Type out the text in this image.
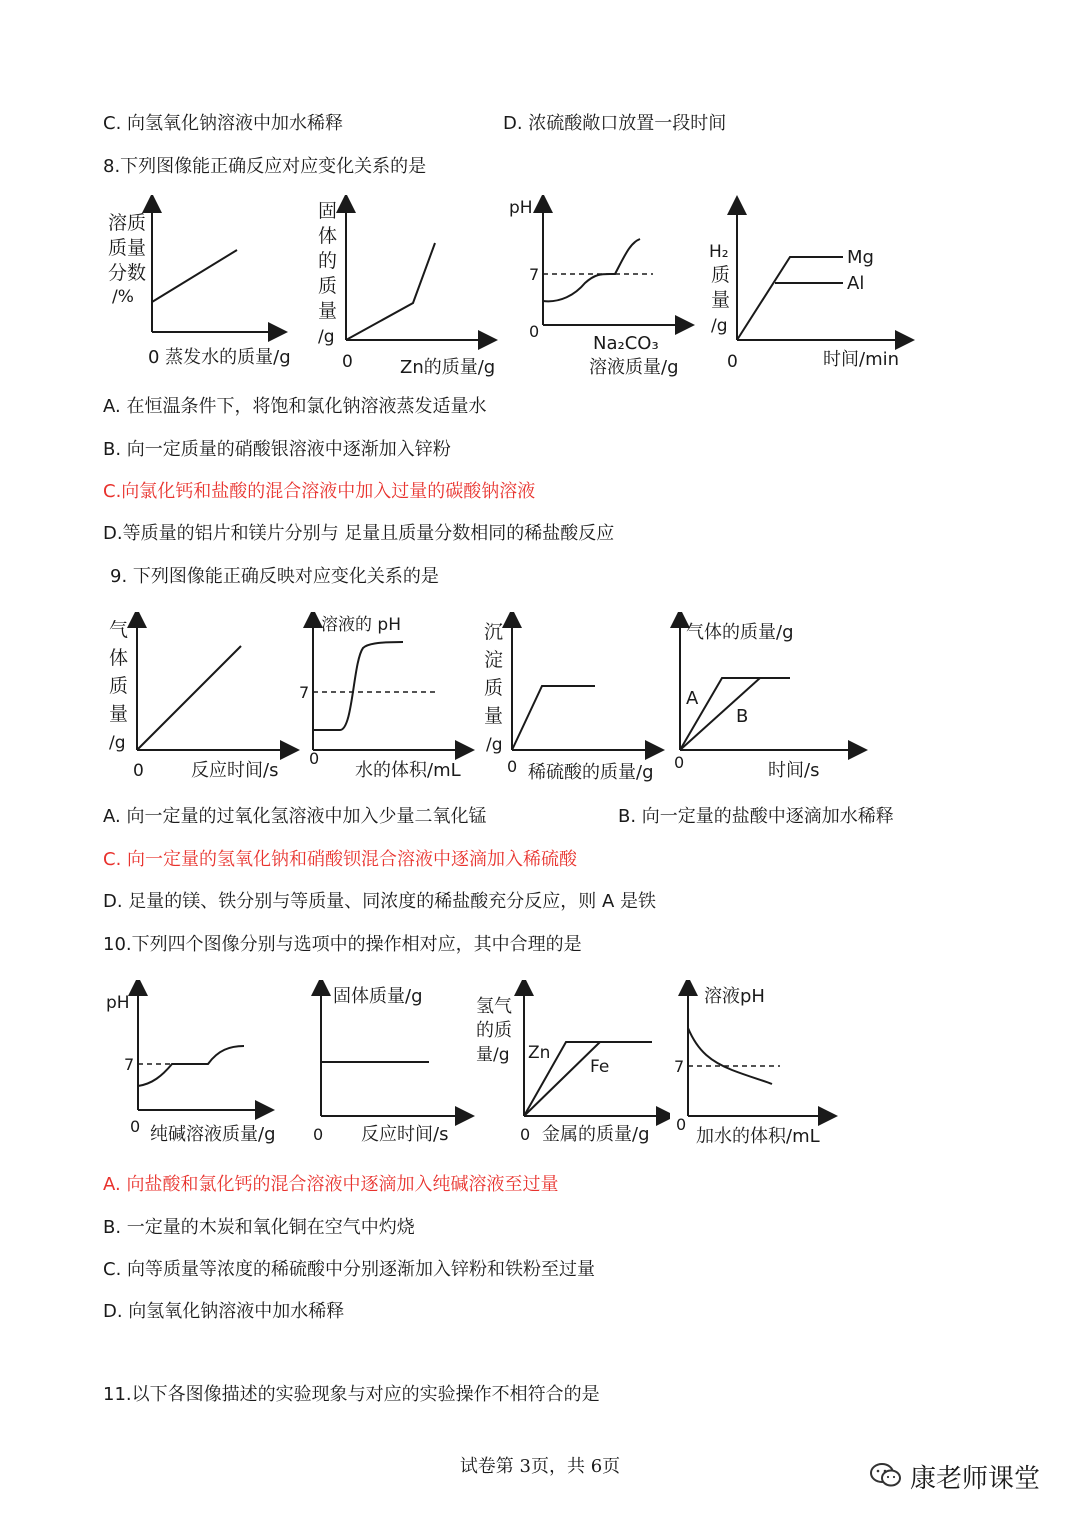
C. 向氢氧化钠溶液中加水稀释	D. 浓硫酸敞口放置一段时间
8.下列图像能正确反应对应变化关系的是
溶质
质量
分数
/%
0 蒸发水的质量/g
固
体
的
质
量
/g
0	Zn的质量/g
pH
7
0
Na₂CO₃
溶液质量/g
H₂
质
量
/g
Mg
Al
0	时间/min
A. 在恒温条件下，将饱和氯化钠溶液蒸发适量水
B. 向一定质量的硝酸银溶液中逐渐加入锌粉
C.向氯化钙和盐酸的混合溶液中加入过量的碳酸钠溶液
D.等质量的铝片和镁片分别与 足量且质量分数相同的稀盐酸反应
9. 下列图像能正确反映对应变化关系的是
气
体
质
量
/g
0	反应时间/s
溶液的 pH
7
0
水的体积/mL
沉
淀
质
量
/g
0 稀硫酸的质量/g
气体的质量/g
A
B
0	时间/s
A. 向一定量的过氧化氢溶液中加入少量二氧化锰	B. 向一定量的盐酸中逐滴加水稀释
C. 向一定量的氢氧化钠和硝酸钡混合溶液中逐滴加入稀硫酸
D. 足量的镁、铁分别与等质量、同浓度的稀盐酸充分反应，则 A 是铁
10.下列四个图像分别与选项中的操作相对应，其中合理的是
pH
7
0 纯碱溶液质量/g
固体质量/g
0 反应时间/s
氢气
的质
量/g Zn
Fe
0 金属的质量/g
溶液pH
7
0
加水的体积/mL
A. 向盐酸和氯化钙的混合溶液中逐滴加入纯碱溶液至过量
B. 一定量的木炭和氧化铜在空气中灼烧
C. 向等质量等浓度的稀硫酸中分别逐渐加入锌粉和铁粉至过量
D. 向氢氧化钠溶液中加水稀释
11.以下各图像描述的实验现象与对应的实验操作不相符合的是
试卷第 3页，共 6页	康老师课堂
